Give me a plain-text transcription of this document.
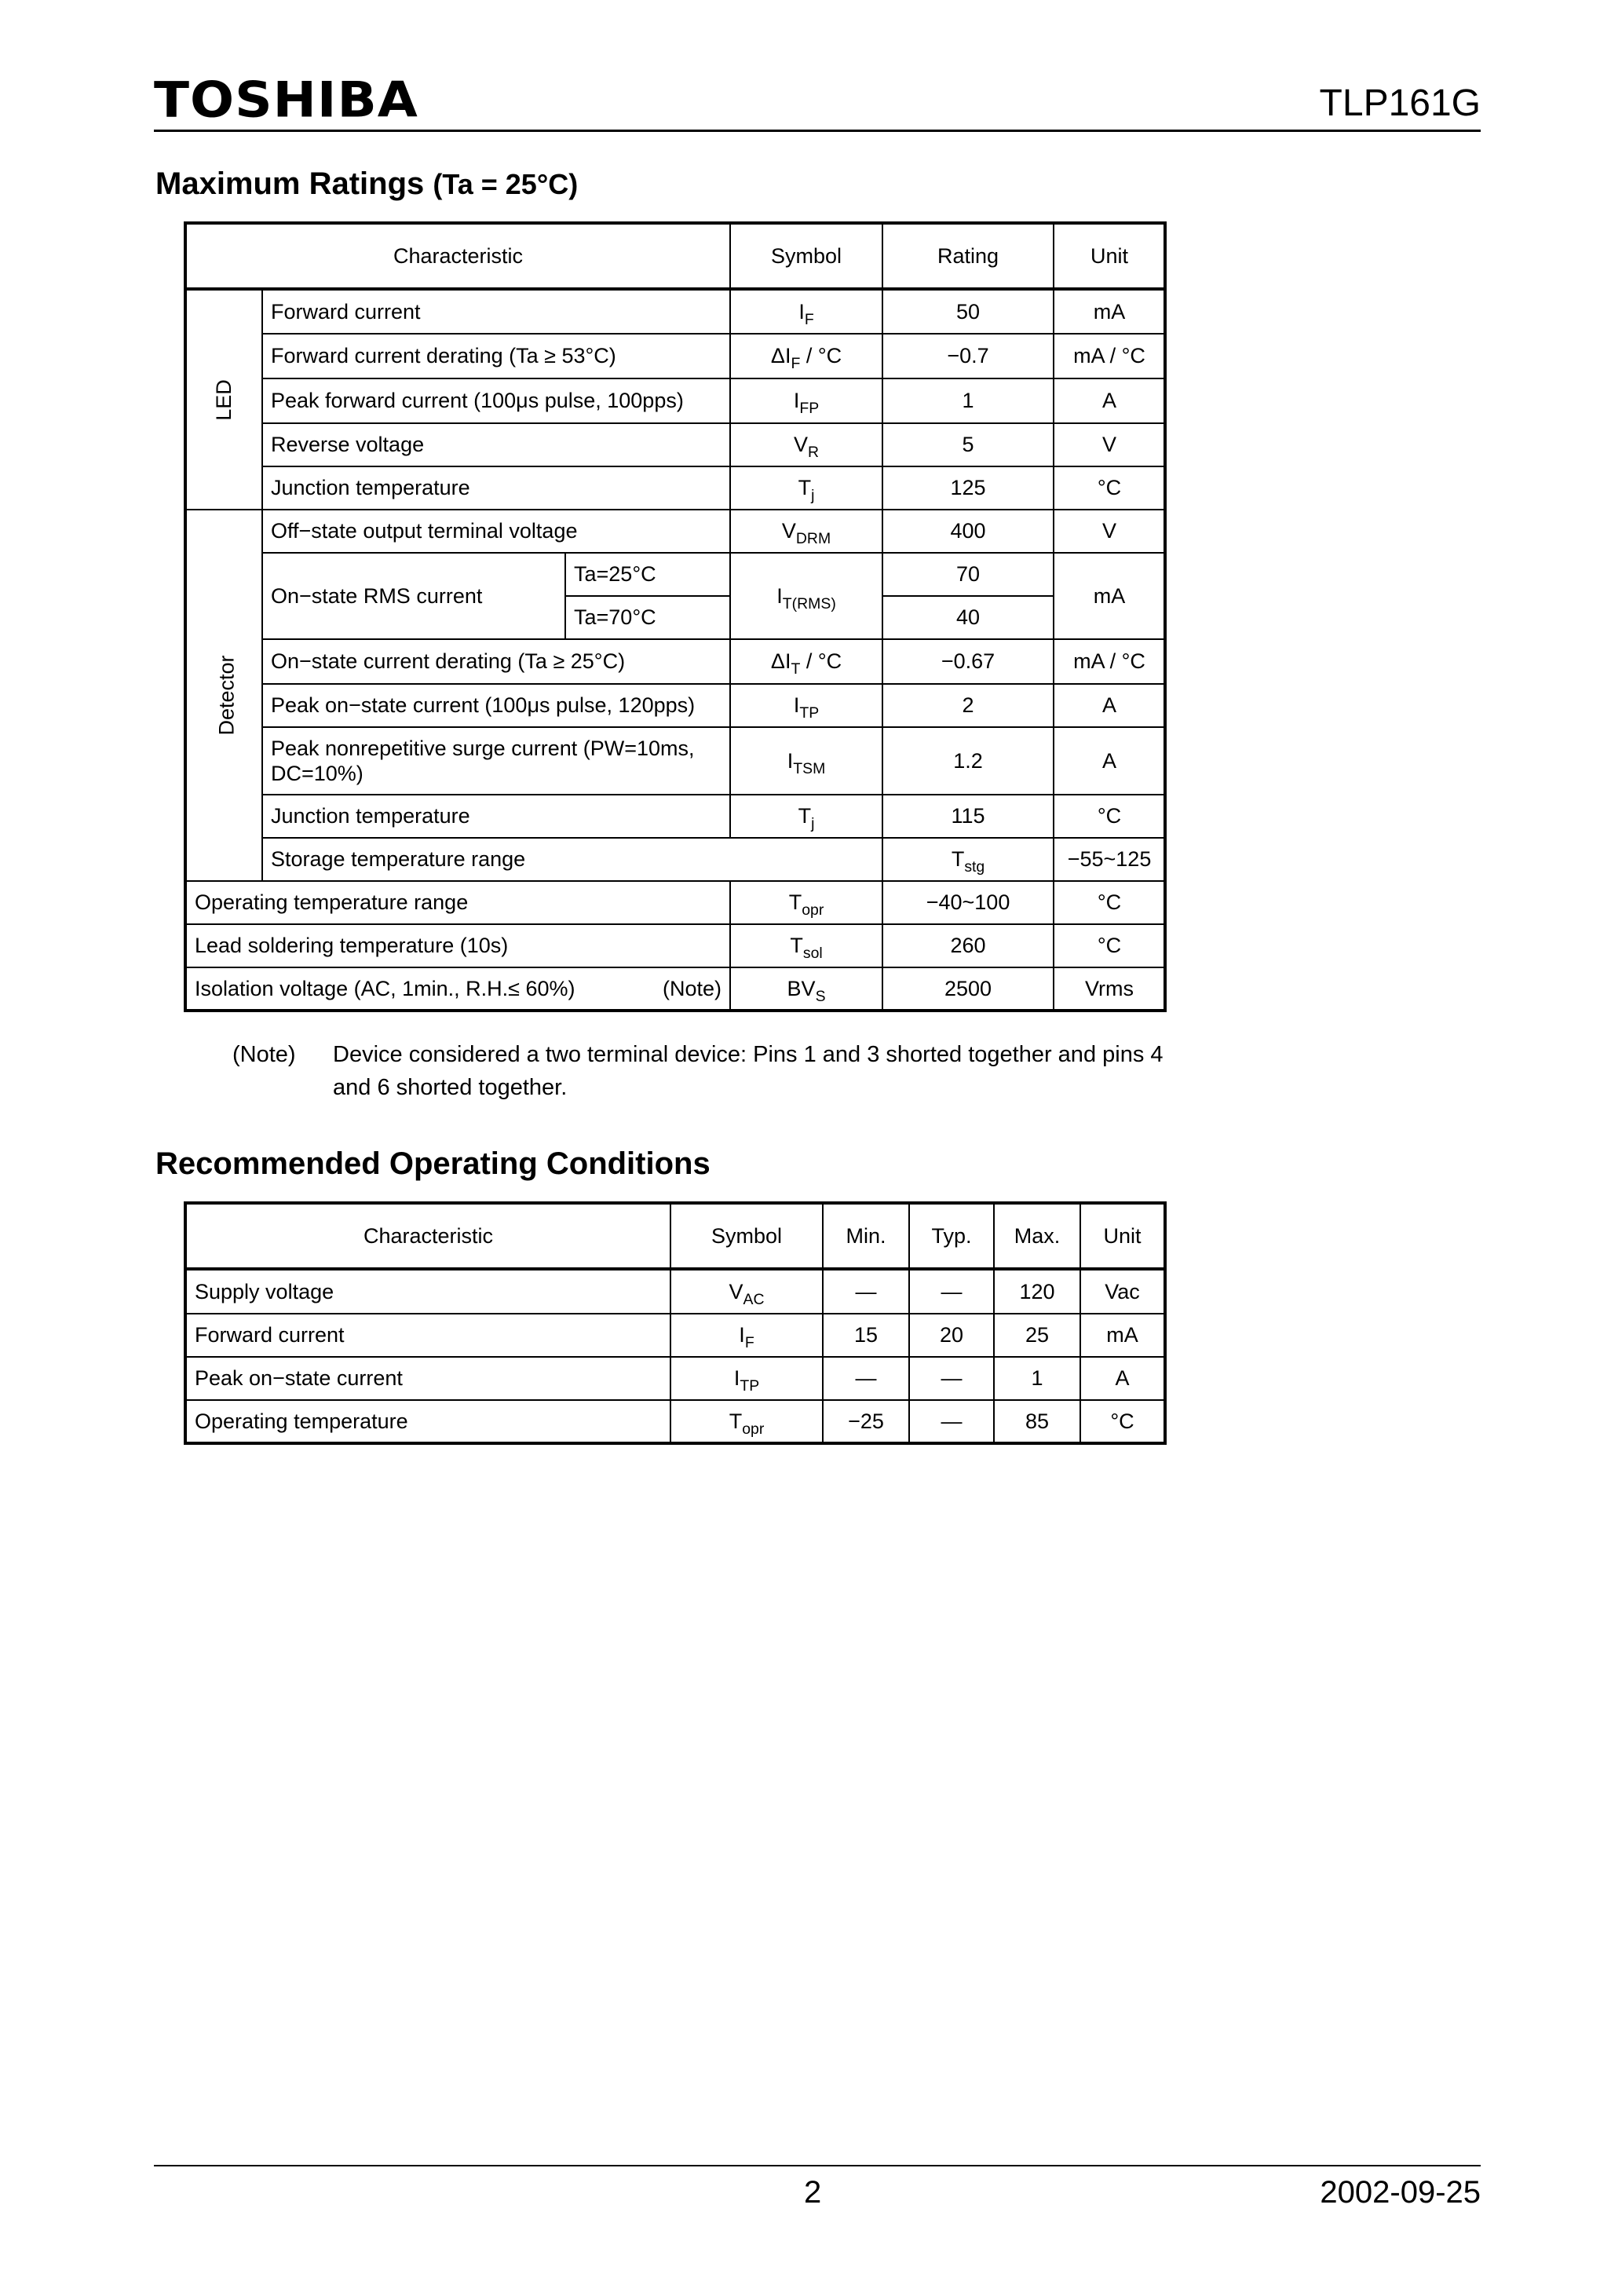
TOSHIBA	TLP161G
Maximum Ratings (Ta = 25°C)
Characteristic			Symbol	Rating	Unit	
LED	Forward current		$I_F$	50	mA	
	Forward current derating (Ta ≥ 53°C)		$\Delta I_F / ^\circ C$	−0.7	mA / °C	
	Peak forward current (100μs pulse, 100pps)		$I_{FP}$	1	A	
	Reverse voltage		$V_R$	5	V	
	Junction temperature		$T_j$	125	°C	
Detector	Off−state output terminal voltage		$V_{DRM}$	400	V	
	On−state RMS current	Ta=25°C	$I_{T(RMS)}$	70	mA	
		Ta=70°C		40		
	On−state current derating (Ta ≥ 25°C)		$\Delta I_T / ^\circ C$	−0.67	mA / °C	
	Peak on−state current (100μs pulse, 120pps)		$I_{TP}$	2	A	
	Peak nonrepetitive surge current (PW=10ms, DC=10%)		$I_{TSM}$	1.2	A	
	Junction temperature		$T_j$	115	°C	
	Storage temperature range			$T_{stg}$	−55~125	
Operating temperature range			$T_{opr}$	−40~100	°C	
Lead soldering temperature (10s)			$T_{sol}$	260	°C	

Isolation voltage (AC, 1min., R.H.≤ 60%) (Note)			$BV_S$	2500	Vrms	
(Note) Device considered a two terminal device: Pins 1 and 3 shorted together and pins 4
and 6 shorted together.
Recommended Operating Conditions
Characteristic	Symbol	Min.	Typ.	Max.	Unit
Supply voltage	$V_{AC}$	—	—	120	Vac
Forward current	$I_F$	15	20	25	mA
Peak on−state current	$I_{TP}$	—	—	1	A
Operating temperature	$T_{opr}$	−25	—	85	°C
2	2002-09-25
